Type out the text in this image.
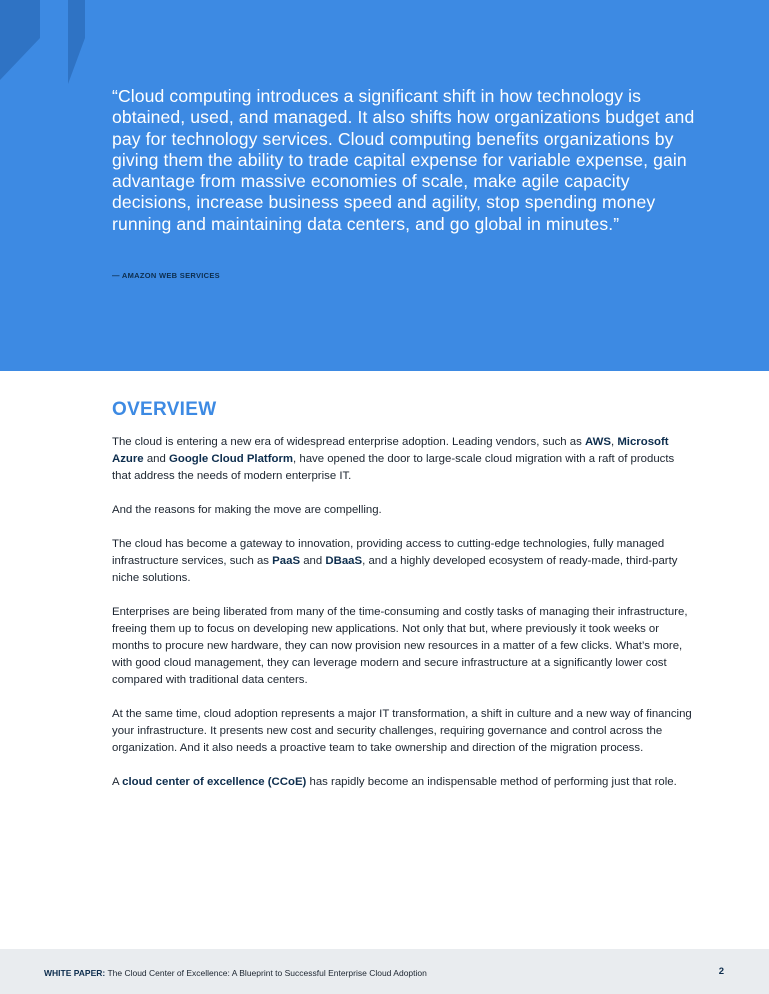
“Cloud computing introduces a significant shift in how technology is obtained, used, and managed. It also shifts how organizations budget and pay for technology services. Cloud computing benefits organizations by giving them the ability to trade capital expense for variable expense, gain advantage from massive economies of scale, make agile capacity decisions, increase business speed and agility, stop spending money running and maintaining data centers, and go global in minutes.”

— AMAZON WEB SERVICES
OVERVIEW

The cloud is entering a new era of widespread enterprise adoption. Leading vendors, such as AWS, Microsoft Azure and Google Cloud Platform, have opened the door to large-scale cloud migration with a raft of products that address the needs of modern enterprise IT.

And the reasons for making the move are compelling.

The cloud has become a gateway to innovation, providing access to cutting-edge technologies, fully managed infrastructure services, such as PaaS and DBaaS, and a highly developed ecosystem of ready-made, third-party niche solutions.

Enterprises are being liberated from many of the time-consuming and costly tasks of managing their infrastructure, freeing them up to focus on developing new applications. Not only that but, where previously it took weeks or months to procure new hardware, they can now provision new resources in a matter of a few clicks. What’s more, with good cloud management, they can leverage modern and secure infrastructure at a significantly lower cost compared with traditional data centers.

At the same time, cloud adoption represents a major IT transformation, a shift in culture and a new way of financing your infrastructure. It presents new cost and security challenges, requiring governance and control across the organization. And it also needs a proactive team to take ownership and direction of the migration process.

A cloud center of excellence (CCoE) has rapidly become an indispensable method of performing just that role.

WHITE PAPER: The Cloud Center of Excellence: A Blueprint to Successful Enterprise Cloud Adoption	2
